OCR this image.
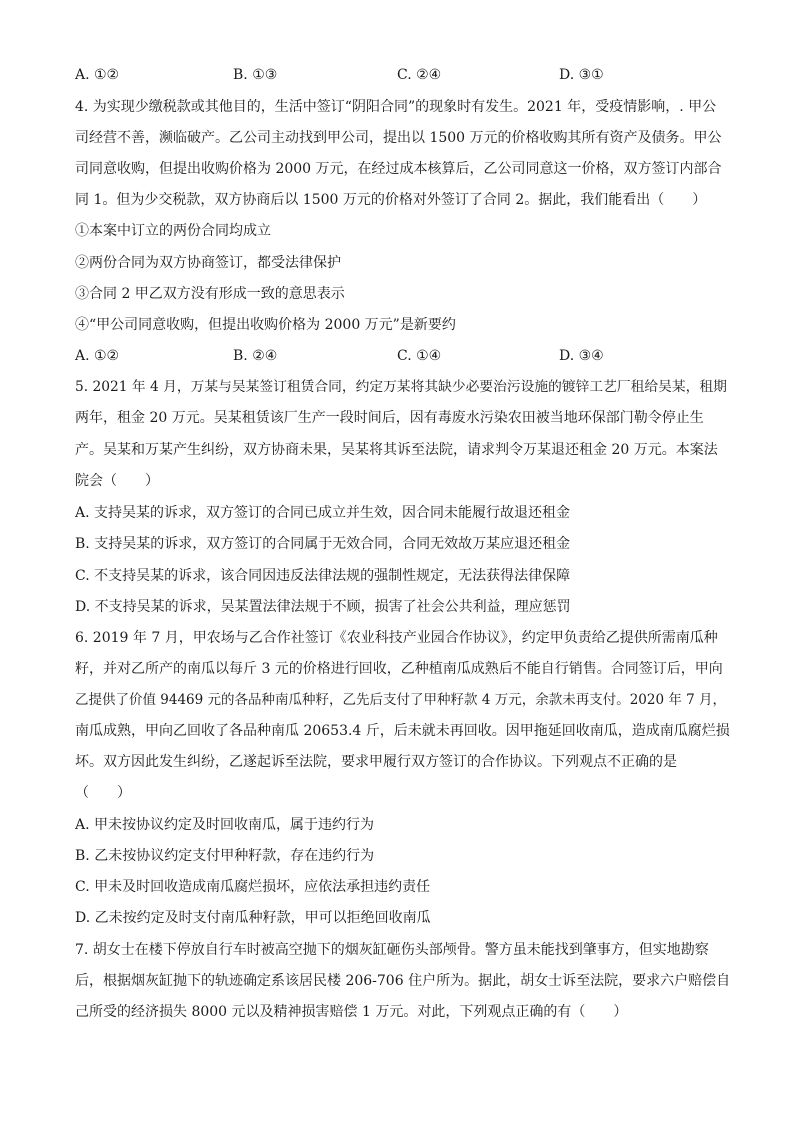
A. ①②	B. ①③	C. ②④	D. ③①
4. 为实现少缴税款或其他目的，生活中签订“阴阳合同”的现象时有发生。2021 年，受疫情影响，. 甲公
司经营不善，濒临破产。乙公司主动找到甲公司，提出以 1500 万元的价格收购其所有资产及债务。甲公
司同意收购，但提出收购价格为 2000 万元，在经过成本核算后，乙公司同意这一价格，双方签订内部合
同 1。但为少交税款，双方协商后以 1500 万元的价格对外签订了合同 2。据此，我们能看出（　　）
①本案中订立的两份合同均成立
②两份合同为双方协商签订，都受法律保护
③合同 2 甲乙双方没有形成一致的意思表示
④“甲公司同意收购，但提出收购价格为 2000 万元”是新要约
A. ①②	B. ②④	C. ①④	D. ③④
5. 2021 年 4 月，万某与吴某签订租赁合同，约定万某将其缺少必要治污设施的镀锌工艺厂租给吴某，租期
两年，租金 20 万元。吴某租赁该厂生产一段时间后，因有毒废水污染农田被当地环保部门勒令停止生
产。吴某和万某产生纠纷，双方协商未果，吴某将其诉至法院，请求判令万某退还租金 20 万元。本案法
院会（　　）
A. 支持吴某的诉求，双方签订的合同已成立并生效，因合同未能履行故退还租金
B. 支持吴某的诉求，双方签订的合同属于无效合同，合同无效故万某应退还租金
C. 不支持吴某的诉求，该合同因违反法律法规的强制性规定，无法获得法律保障
D. 不支持吴某的诉求，吴某置法律法规于不顾，损害了社会公共利益，理应惩罚
6. 2019 年 7 月，甲农场与乙合作社签订《农业科技产业园合作协议》，约定甲负责给乙提供所需南瓜种
籽，并对乙所产的南瓜以每斤 3 元的价格进行回收，乙种植南瓜成熟后不能自行销售。合同签订后，甲向
乙提供了价值 94469 元的各品种南瓜种籽，乙先后支付了甲种籽款 4 万元，余款未再支付。2020 年 7 月，
南瓜成熟，甲向乙回收了各品种南瓜 20653.4 斤，后未就未再回收。因甲拖延回收南瓜，造成南瓜腐烂损
坏。双方因此发生纠纷，乙遂起诉至法院，要求甲履行双方签订的合作协议。下列观点不正确的是
（　　）
A. 甲未按协议约定及时回收南瓜，属于违约行为
B. 乙未按协议约定支付甲种籽款，存在违约行为
C. 甲未及时回收造成南瓜腐烂损坏，应依法承担违约责任
D. 乙未按约定及时支付南瓜种籽款，甲可以拒绝回收南瓜
7. 胡女士在楼下停放自行车时被高空抛下的烟灰缸砸伤头部颅骨。警方虽未能找到肇事方，但实地勘察
后，根据烟灰缸抛下的轨迹确定系该居民楼 206-706 住户所为。据此，胡女士诉至法院，要求六户赔偿自
己所受的经济损失 8000 元以及精神损害赔偿 1 万元。对此，下列观点正确的有（　　）
